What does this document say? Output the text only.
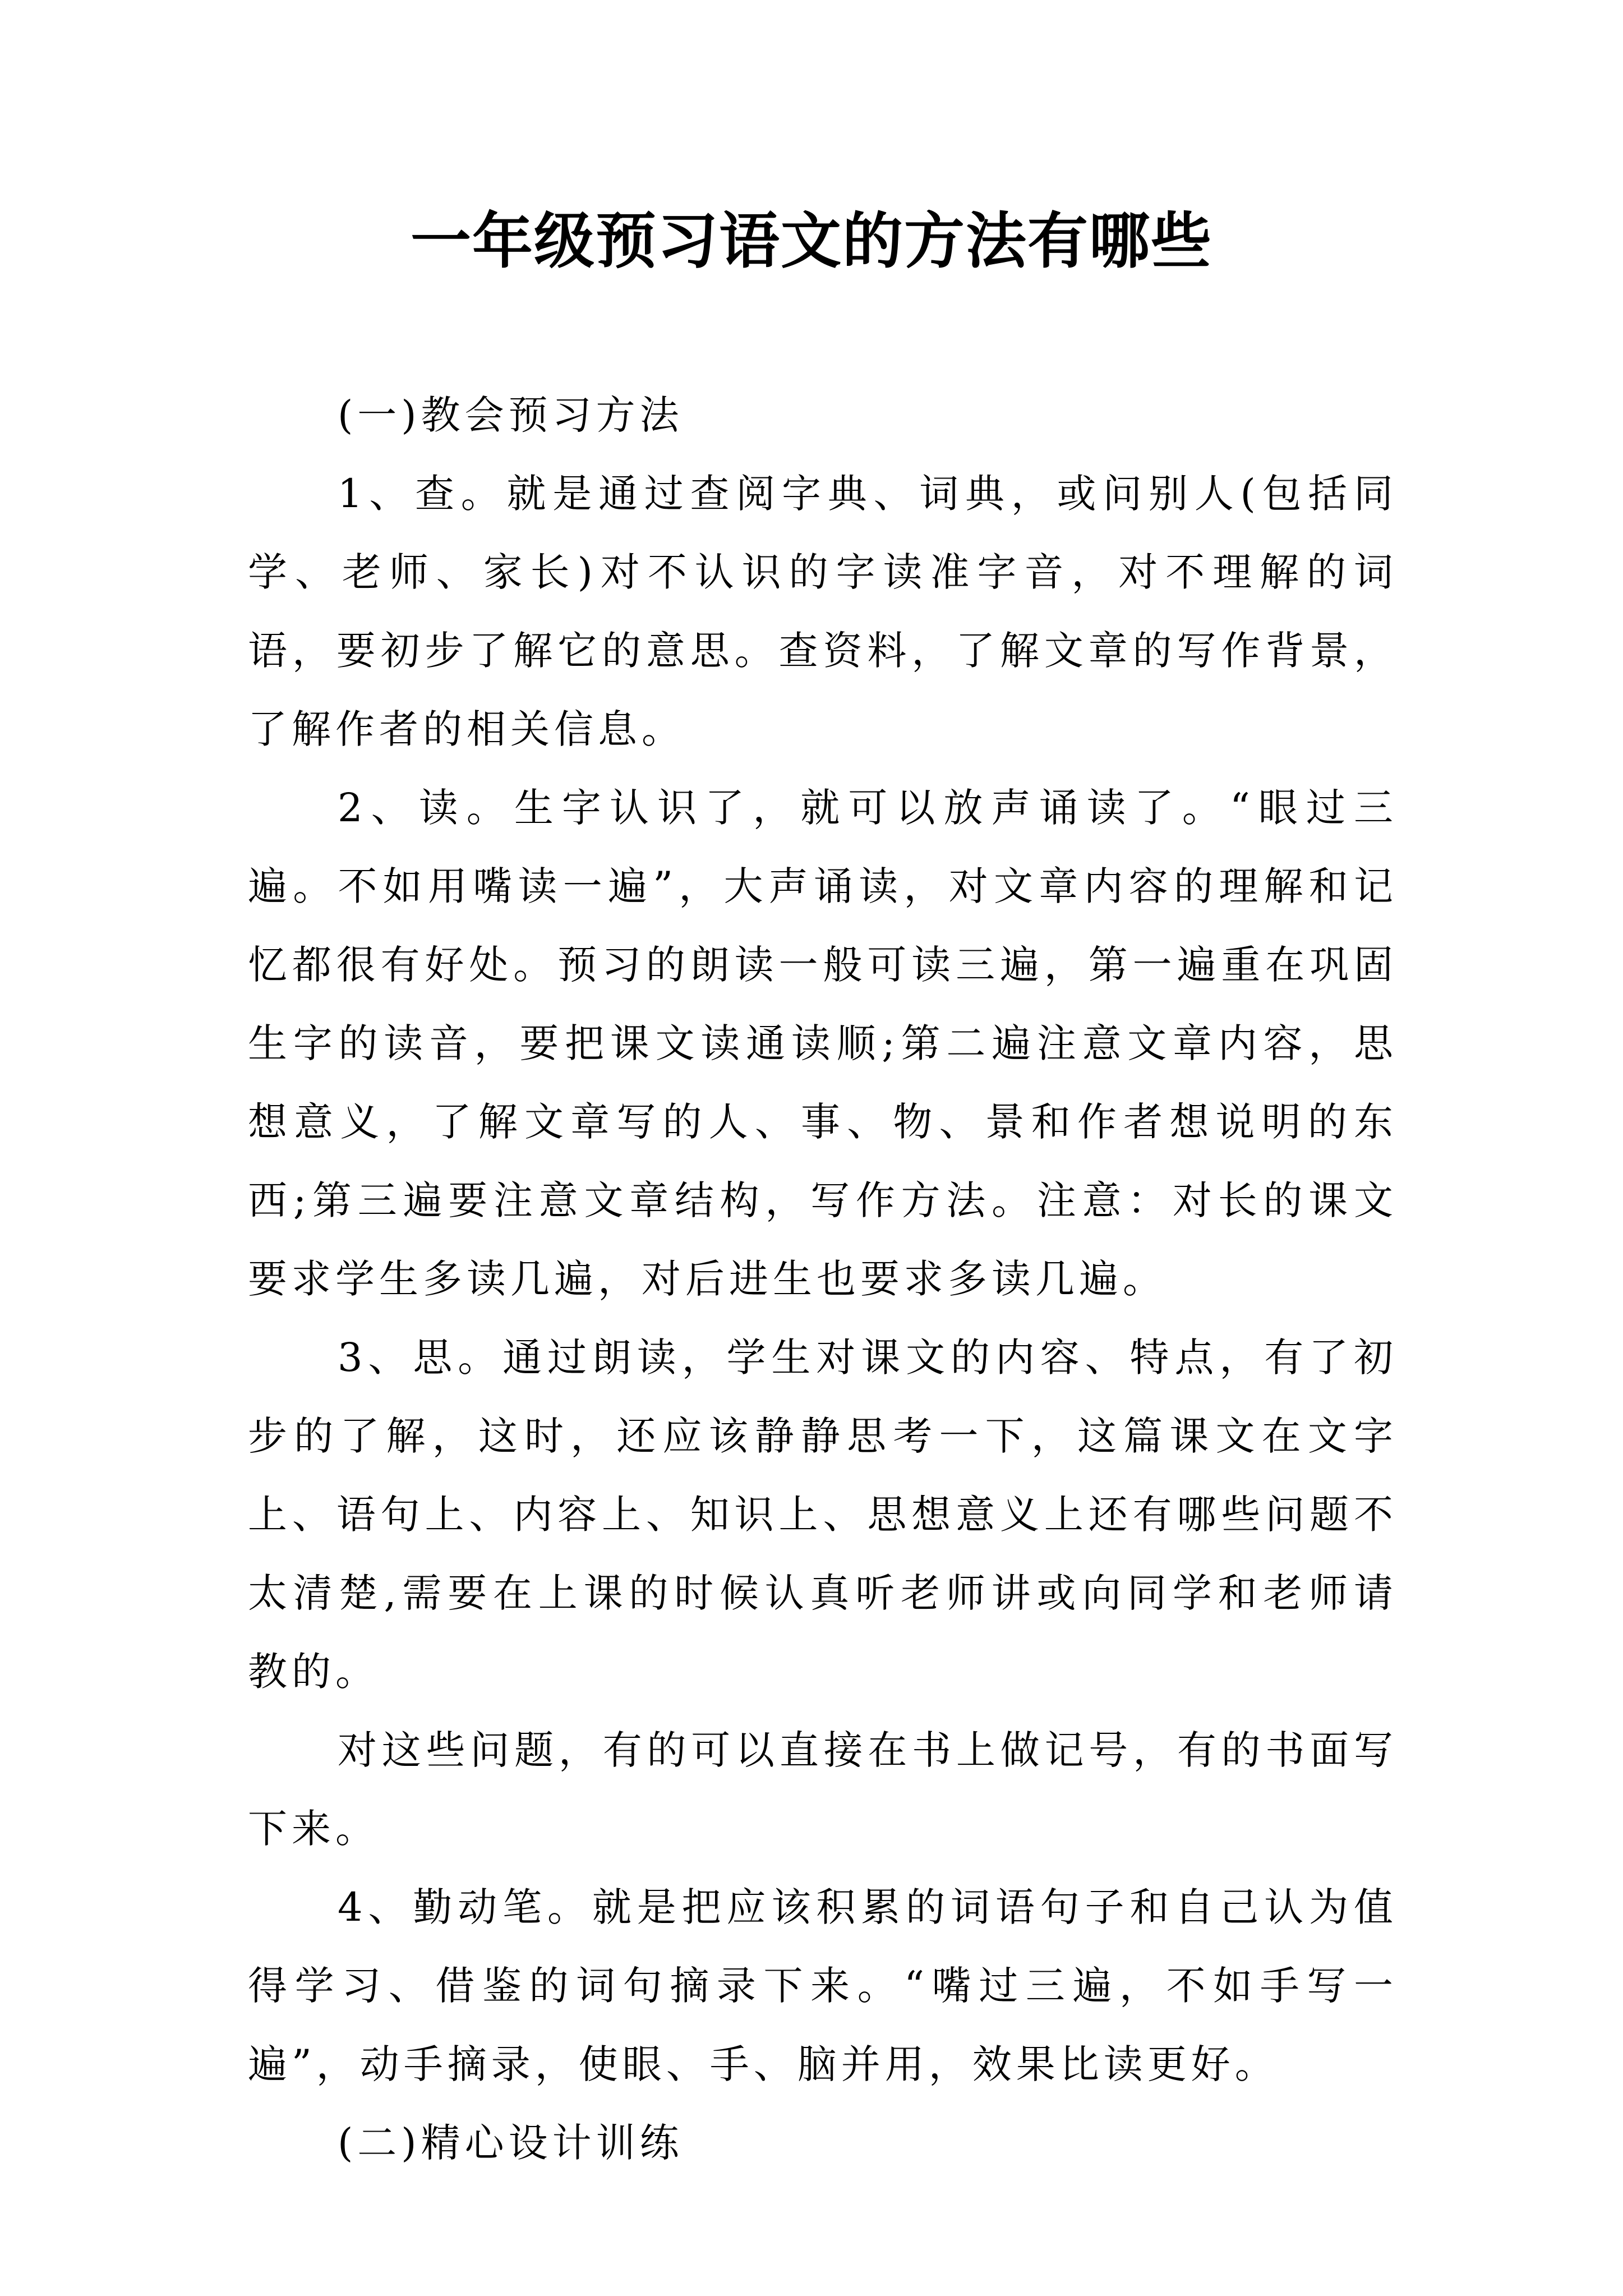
一年级预习语文的方法有哪些

(一)教会预习方法

1、查。就是通过查阅字典、词典，或问别人(包括同学、老师、家长)对不认识的字读准字音，对不理解的词语，要初步了解它的意思。查资料，了解文章的写作背景，了解作者的相关信息。

2、读。生字认识了，就可以放声诵读了。“眼过三遍。不如用嘴读一遍”，大声诵读，对文章内容的理解和记忆都很有好处。预习的朗读一般可读三遍，第一遍重在巩固生字的读音，要把课文读通读顺;第二遍注意文章内容，思想意义，了解文章写的人、事、物、景和作者想说明的东西;第三遍要注意文章结构，写作方法。注意：对长的课文要求学生多读几遍，对后进生也要求多读几遍。

3、思。通过朗读，学生对课文的内容、特点，有了初步的了解，这时，还应该静静思考一下，这篇课文在文字上、语句上、内容上、知识上、思想意义上还有哪些问题不太清楚,需要在上课的时候认真听老师讲或向同学和老师请教的。

对这些问题，有的可以直接在书上做记号，有的书面写下来。

4、勤动笔。就是把应该积累的词语句子和自己认为值得学习、借鉴的词句摘录下来。“嘴过三遍，不如手写一遍”，动手摘录，使眼、手、脑并用，效果比读更好。

(二)精心设计训练
